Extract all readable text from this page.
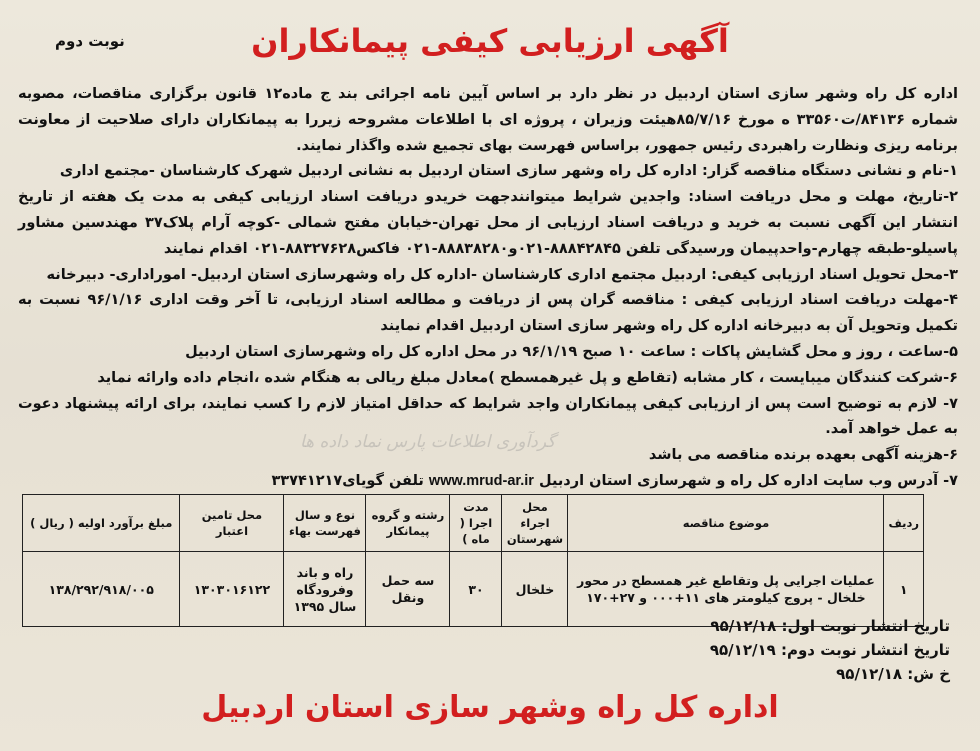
نوبت دوم	آگهی ارزیابی کیفی پیمانکاران
گردآوری اطلاعات پارس نماد داده ها

اداره کل راه وشهر سازی استان اردبیل در نظر دارد بر اساس آیین نامه اجرائی بند ج ماده۱۲ قانون برگزاری مناقصات، مصوبه شماره ۸۴۱۳۶/ت۳۳۵۶۰ ه مورخ ۸۵/۷/۱۶هیئت وزیران ، پروژه ای با اطلاعات مشروحه زیررا به پیمانکاران دارای صلاحیت از معاونت برنامه ریزی ونظارت راهبردی رئیس جمهور، براساس فهرست بهای تجمیع شده واگذار نمایند.

۱-نام و نشانی دستگاه مناقصه گزار: اداره کل راه وشهر سازی استان اردبیل به نشانی اردبیل شهرک کارشناسان -مجتمع اداری

۲-تاریخ، مهلت و محل دریافت اسناد: واجدین شرایط میتوانندجهت خریدو دریافت اسناد ارزیابی کیفی به مدت یک هفته از تاریخ انتشار این آگهی نسبت به خرید و دریافت اسناد ارزیابی از محل تهران-خیابان مفتح شمالی -کوچه آرام پلاک۳۷ مهندسین مشاور پاسیلو-طبقه چهارم-واحدپیمان ورسیدگی تلفن ۸۸۸۴۲۸۴۵-۰۲۱و۸۸۸۳۸۲۸۰-۰۲۱ فاکس۸۸۳۲۷۶۲۸-۰۲۱ اقدام نمایند

۳-محل تحویل اسناد ارزیابی کیفی: اردبیل مجتمع اداری کارشناسان -اداره کل راه وشهرسازی استان اردبیل- اموراداری- دبیرخانه

۴-مهلت دریافت اسناد ارزیابی کیفی : مناقصه گران پس از دریافت و مطالعه اسناد ارزیابی، تا آخر وقت اداری ۹۶/۱/۱۶ نسبت به تکمیل وتحویل آن به دبیرخانه اداره کل راه وشهر سازی استان اردبیل اقدام نمایند

۵-ساعت ، روز و محل گشایش پاکات : ساعت ۱۰ صبح ۹۶/۱/۱۹ در محل اداره کل راه وشهرسازی استان اردبیل

۶-شرکت کنندگان میبایست ، کار مشابه (تقاطع و پل غیرهمسطح )معادل مبلغ ریالی به هنگام شده ،انجام داده وارائه نماید

۷- لازم به توضیح است پس از ارزیابی کیفی پیمانکاران واجد شرایط که حداقل امتیاز لازم را کسب نمایند، برای ارائه پیشنهاد دعوت به عمل خواهد آمد.

۶-هزینه آگهی بعهده برنده مناقصه می باشد

۷- آدرس وب سایت اداره کل راه و شهرسازی استان اردبیل www.mrud-ar.ir تلفن گویای۳۳۷۴۱۲۱۷

ردیف	موضوع مناقصه	محل اجراء شهرستان	مدت اجرا ( ماه )	رشته و گروه پیمانکار	نوع و سال فهرست بهاء	محل تامین اعتبار	مبلغ برآورد اولیه ( ریال )
۱	عملیات اجرایی پل وتقاطع غیر همسطح در محور خلخال - پروج کیلومتر های ۱۱+۰۰۰ و ۲۷+۱۷۰	خلخال	۳۰	سه حمل ونقل	راه و باند وفرودگاه سال ۱۳۹۵	۱۳۰۳۰۱۶۱۲۲	۱۳۸/۲۹۲/۹۱۸/۰۰۵
تاریخ انتشار نوبت اول: ۹۵/۱۲/۱۸
تاریخ انتشار نوبت دوم: ۹۵/۱۲/۱۹
خ ش: ۹۵/۱۲/۱۸
اداره کل راه وشهر سازی استان اردبیل
